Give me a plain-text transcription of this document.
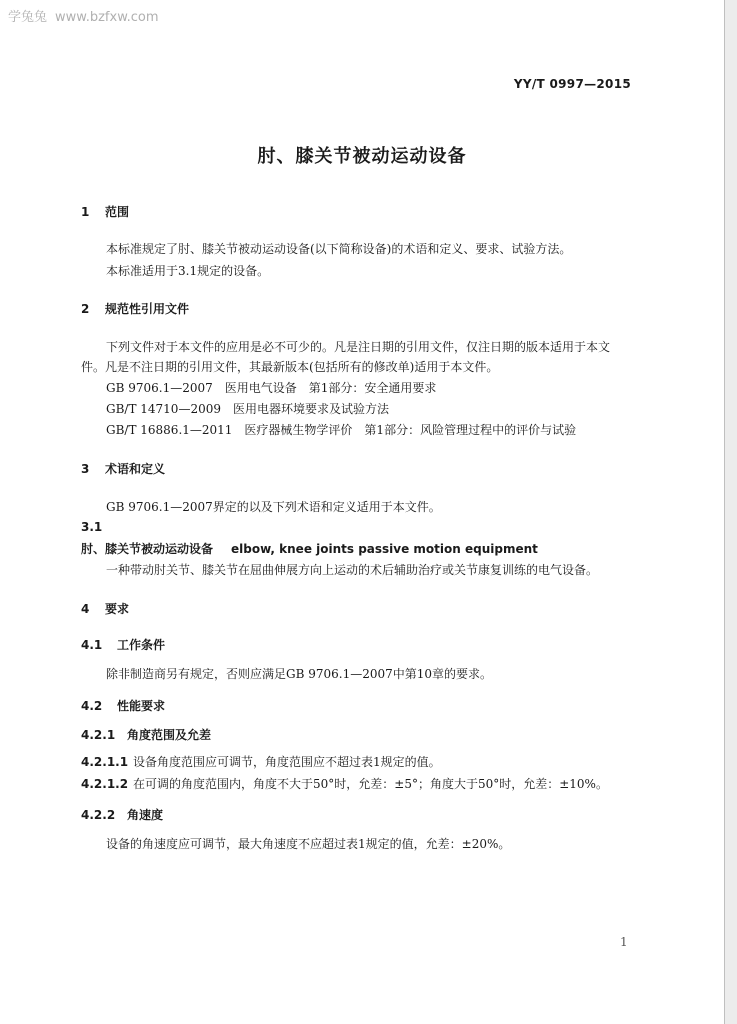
学兔兔 www.bzfxw.com
YY/T 0997—2015
肘、膝关节被动运动设备
1 范围
本标准规定了肘、膝关节被动运动设备(以下简称设备)的术语和定义、要求、试验方法。
本标准适用于3.1规定的设备。
2 规范性引用文件
下列文件对于本文件的应用是必不可少的。凡是注日期的引用文件，仅注日期的版本适用于本文
件。凡是不注日期的引用文件，其最新版本(包括所有的修改单)适用于本文件。
GB 9706.1—2007　医用电气设备　第1部分：安全通用要求
GB/T 14710—2009　医用电器环境要求及试验方法
GB/T 16886.1—2011　医疗器械生物学评价　第1部分：风险管理过程中的评价与试验
3 术语和定义
GB 9706.1—2007界定的以及下列术语和定义适用于本文件。
3.1
肘、膝关节被动运动设备 elbow, knee joints passive motion equipment
一种带动肘关节、膝关节在屈曲伸展方向上运动的术后辅助治疗或关节康复训练的电气设备。
4 要求
4.1 工作条件
除非制造商另有规定，否则应满足GB 9706.1—2007中第10章的要求。
4.2 性能要求
4.2.1 角度范围及允差
4.2.1.1 设备角度范围应可调节，角度范围应不超过表1规定的值。
4.2.1.2 在可调的角度范围内，角度不大于50°时，允差：±5°；角度大于50°时，允差：±10%。
4.2.2 角速度
设备的角速度应可调节，最大角速度不应超过表1规定的值，允差：±20%。
1
